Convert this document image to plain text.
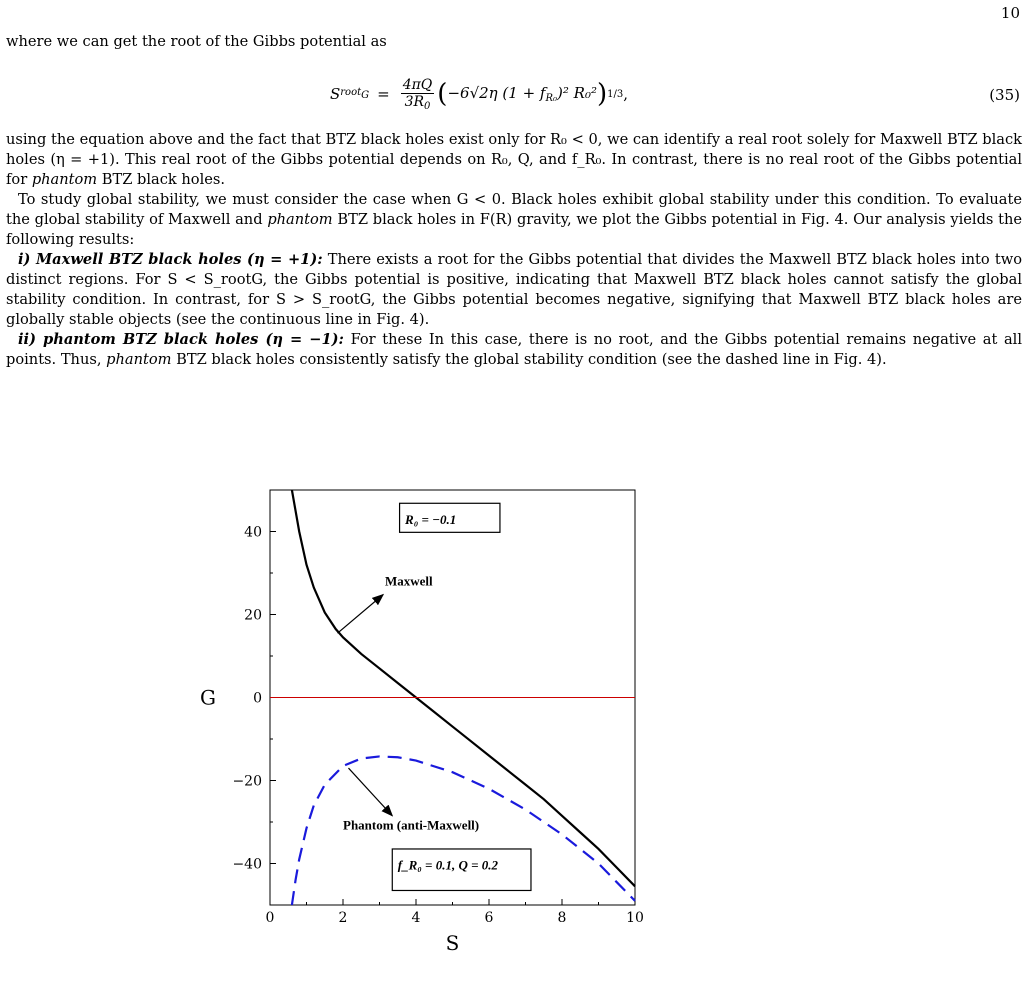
10

where we can get the root of the Gibbs potential as

S rootG = $\frac{4\pi Q}{3R_0}$ ( −6√2η $(1 + f_{R_0})^2$ R₀² ) 1/3 ,	(35)

using the equation above and the fact that BTZ black holes exist only for R₀ < 0, we can identify a real root solely for Maxwell BTZ black holes (η = +1). This real root of the Gibbs potential depends on R₀, Q, and f_R₀. In contrast, there is no real root of the Gibbs potential for phantom BTZ black holes.

To study global stability, we must consider the case when G < 0. Black holes exhibit global stability under this condition. To evaluate the global stability of Maxwell and phantom BTZ black holes in F(R) gravity, we plot the Gibbs potential in Fig. 4. Our analysis yields the following results:

i) Maxwell BTZ black holes (η = +1): There exists a root for the Gibbs potential that divides the Maxwell BTZ black holes into two distinct regions. For S < S_rootG, the Gibbs potential is positive, indicating that Maxwell BTZ black holes cannot satisfy the global stability condition. In contrast, for S > S_rootG, the Gibbs potential becomes negative, signifying that Maxwell BTZ black holes are globally stable objects (see the continuous line in Fig. 4).

ii) phantom BTZ black holes (η = −1): For these In this case, there is no root, and the Gibbs potential remains negative at all points. Thus, phantom BTZ black holes consistently satisfy the global stability condition (see the dashed line in Fig. 4).

0	2	4	6	8	10
40
20
0
−20
−40
S
G
Maxwell
Phantom (anti-Maxwell)
R₀ = −0.1
f_R₀ = 0.1, Q = 0.2
